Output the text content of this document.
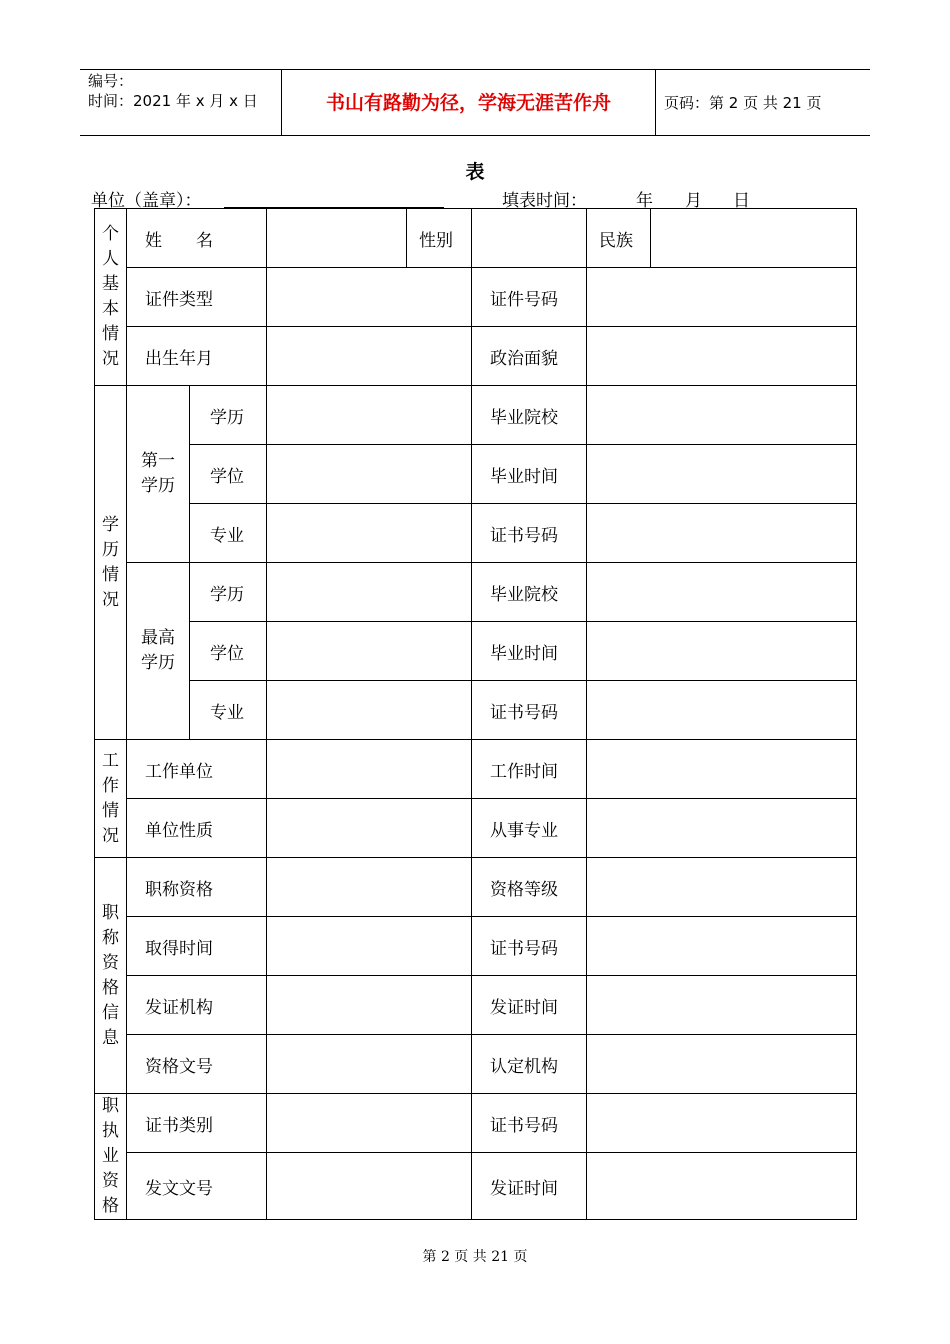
编号：
时间：2021 年 x 月 x 日	书山有路勤为径，学海无涯苦作舟	页码：第 2 页 共 21 页
表
单位（盖章）：	填表时间：	年 月 日
个人基本情况	姓　　名			性别		民族	
	证件类型				证件号码		
	出生年月				政治面貌		
学历情况	第一学历	学历			毕业院校		
		学位			毕业时间		
		专业			证书号码		
	最高学历	学历			毕业院校		
		学位			毕业时间		
		专业			证书号码		
工作情况	工作单位				工作时间		
	单位性质				从事专业		
职称资格信息	职称资格				资格等级		
	取得时间				证书号码		
	发证机构				发证时间		
	资格文号				认定机构		
职执业资格	证书类别				证书号码		
	发文文号				发证时间		
第 2 页 共 21 页
